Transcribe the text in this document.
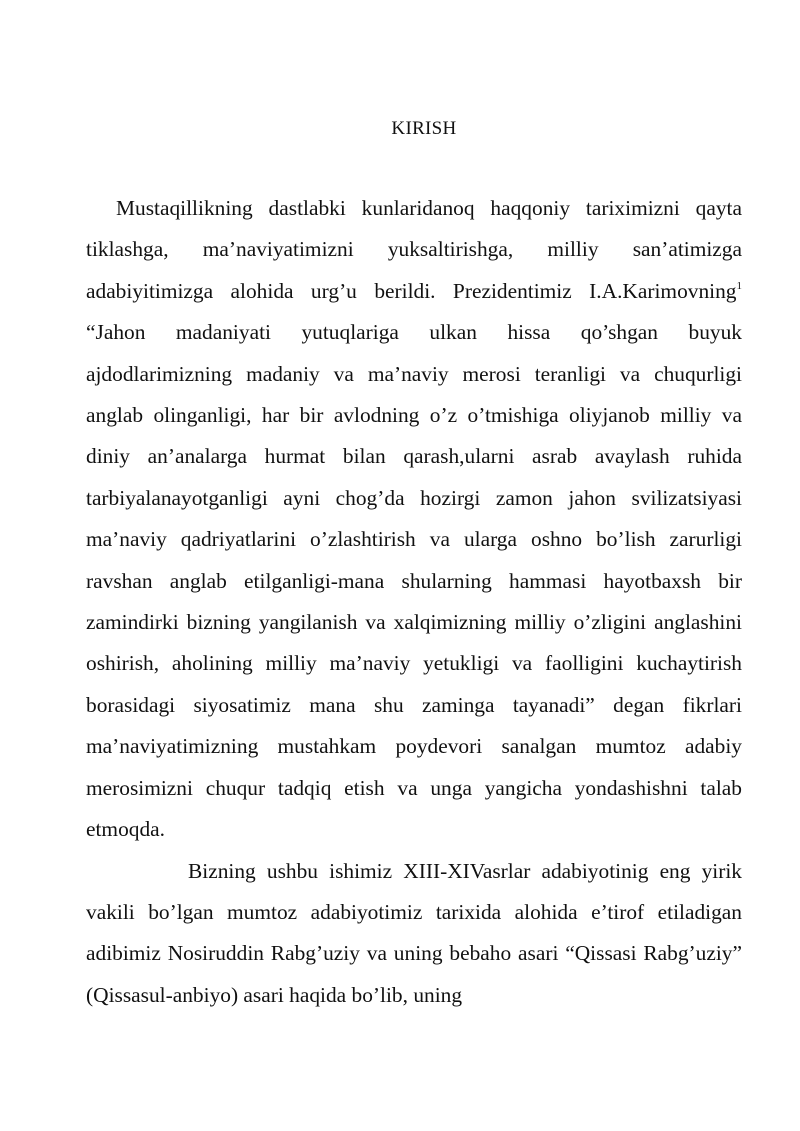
KIRISH

Mustaqillikning dastlabki kunlaridanoq haqqoniy tariximizni qayta tiklashga, ma’naviyatimizni yuksaltirishga, milliy san’atimizga adabiyitimizga alohida urg’u berildi. Prezidentimiz I.A.Karimovning$^1$ “Jahon madaniyati yutuqlariga ulkan hissa qo’shgan buyuk ajdodlarimizning madaniy va ma’naviy merosi teranligi va chuqurligi anglab olinganligi, har bir avlodning o’z o’tmishiga oliyjanob milliy va diniy an’analarga hurmat bilan qarash,ularni asrab avaylash ruhida tarbiyalanayotganligi ayni chog’da hozirgi zamon jahon svilizatsiyasi ma’naviy qadriyatlarini o’zlashtirish va ularga oshno bo’lish zarurligi ravshan anglab etilganligi-mana shularning hammasi hayotbaxsh bir zamindirki bizning yangilanish va xalqimizning milliy o’zligini anglashini oshirish, aholining milliy ma’naviy yetukligi va faolligini kuchaytirish borasidagi siyosatimiz mana shu zaminga tayanadi” degan fikrlari ma’naviyatimizning mustahkam poydevori sanalgan mumtoz adabiy merosimizni chuqur tadqiq etish va unga yangicha yondashishni talab etmoqda.

Bizning ushbu ishimiz XIII-XIVasrlar adabiyotinig eng yirik vakili bo’lgan mumtoz adabiyotimiz tarixida alohida e’tirof etiladigan adibimiz Nosiruddin Rabg’uziy va uning bebaho asari “Qissasi Rabg’uziy” (Qissasul-anbiyo) asari haqida bo’lib, uning
